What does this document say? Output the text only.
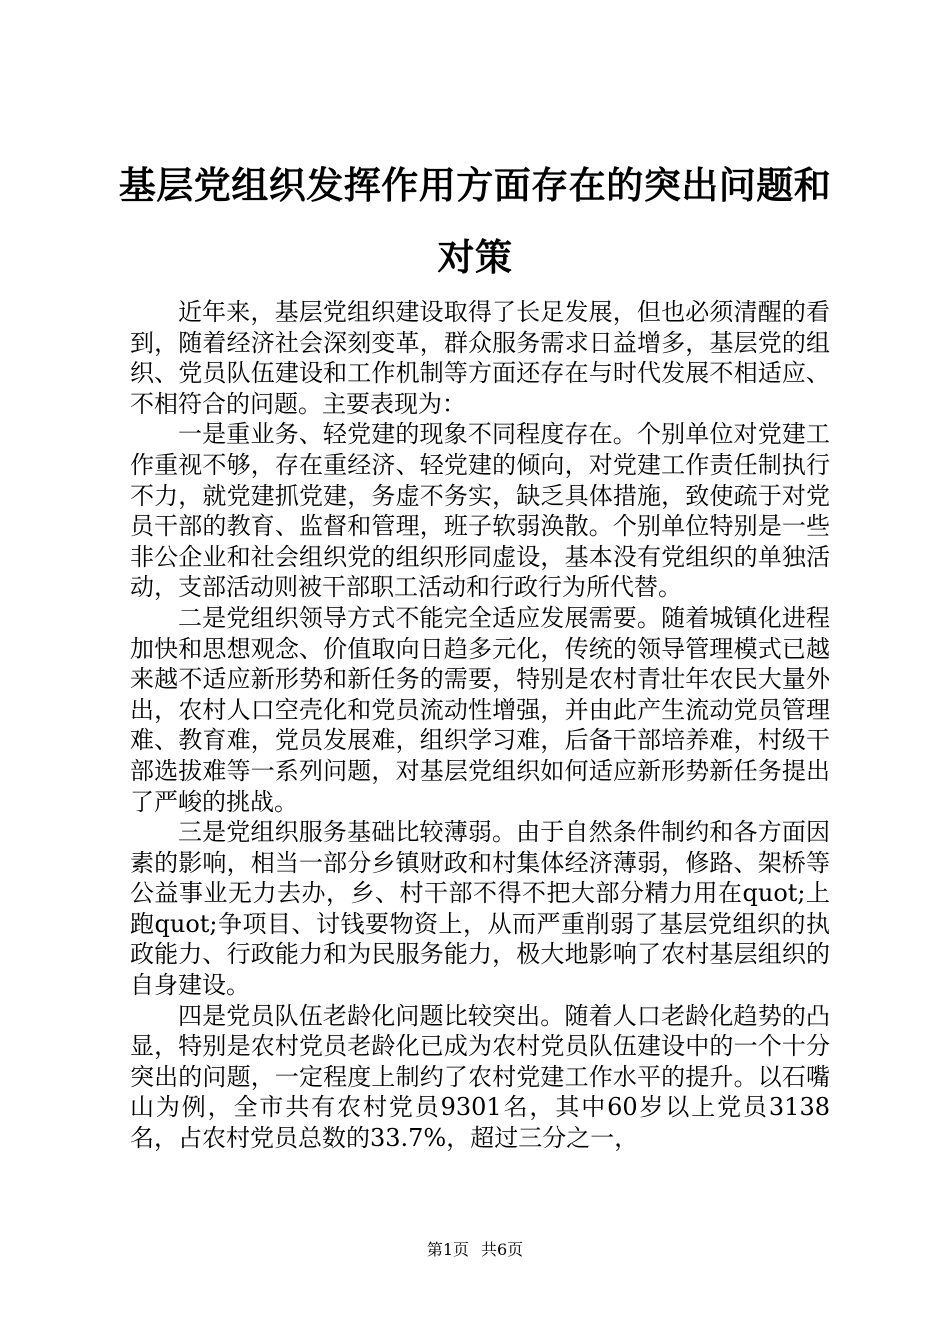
基层党组织发挥作用方面存在的突出问题和对策

近年来，基层党组织建设取得了长足发展，但也必须清醒的看到，随着经济社会深刻变革，群众服务需求日益增多，基层党的组织、党员队伍建设和工作机制等方面还存在与时代发展不相适应、不相符合的问题。主要表现为：

一是重业务、轻党建的现象不同程度存在。个别单位对党建工作重视不够，存在重经济、轻党建的倾向，对党建工作责任制执行不力，就党建抓党建，务虚不务实，缺乏具体措施，致使疏于对党员干部的教育、监督和管理，班子软弱涣散。个别单位特别是一些非公企业和社会组织党的组织形同虚设，基本没有党组织的单独活动，支部活动则被干部职工活动和行政行为所代替。

二是党组织领导方式不能完全适应发展需要。随着城镇化进程加快和思想观念、价值取向日趋多元化，传统的领导管理模式已越来越不适应新形势和新任务的需要，特别是农村青壮年农民大量外出，农村人口空壳化和党员流动性增强，并由此产生流动党员管理难、教育难，党员发展难，组织学习难，后备干部培养难，村级干部选拔难等一系列问题，对基层党组织如何适应新形势新任务提出了严峻的挑战。

三是党组织服务基础比较薄弱。由于自然条件制约和各方面因素的影响，相当一部分乡镇财政和村集体经济薄弱，修路、架桥等公益事业无力去办，乡、村干部不得不把大部分精力用在quot;上跑quot;争项目、讨钱要物资上，从而严重削弱了基层党组织的执政能力、行政能力和为民服务能力，极大地影响了农村基层组织的自身建设。

四是党员队伍老龄化问题比较突出。随着人口老龄化趋势的凸显，特别是农村党员老龄化已成为农村党员队伍建设中的一个十分突出的问题，一定程度上制约了农村党建工作水平的提升。以石嘴山为例，全市共有农村党员9301名，其中60岁以上党员3138名，占农村党员总数的33.7%，超过三分之一，

第1页 共6页
